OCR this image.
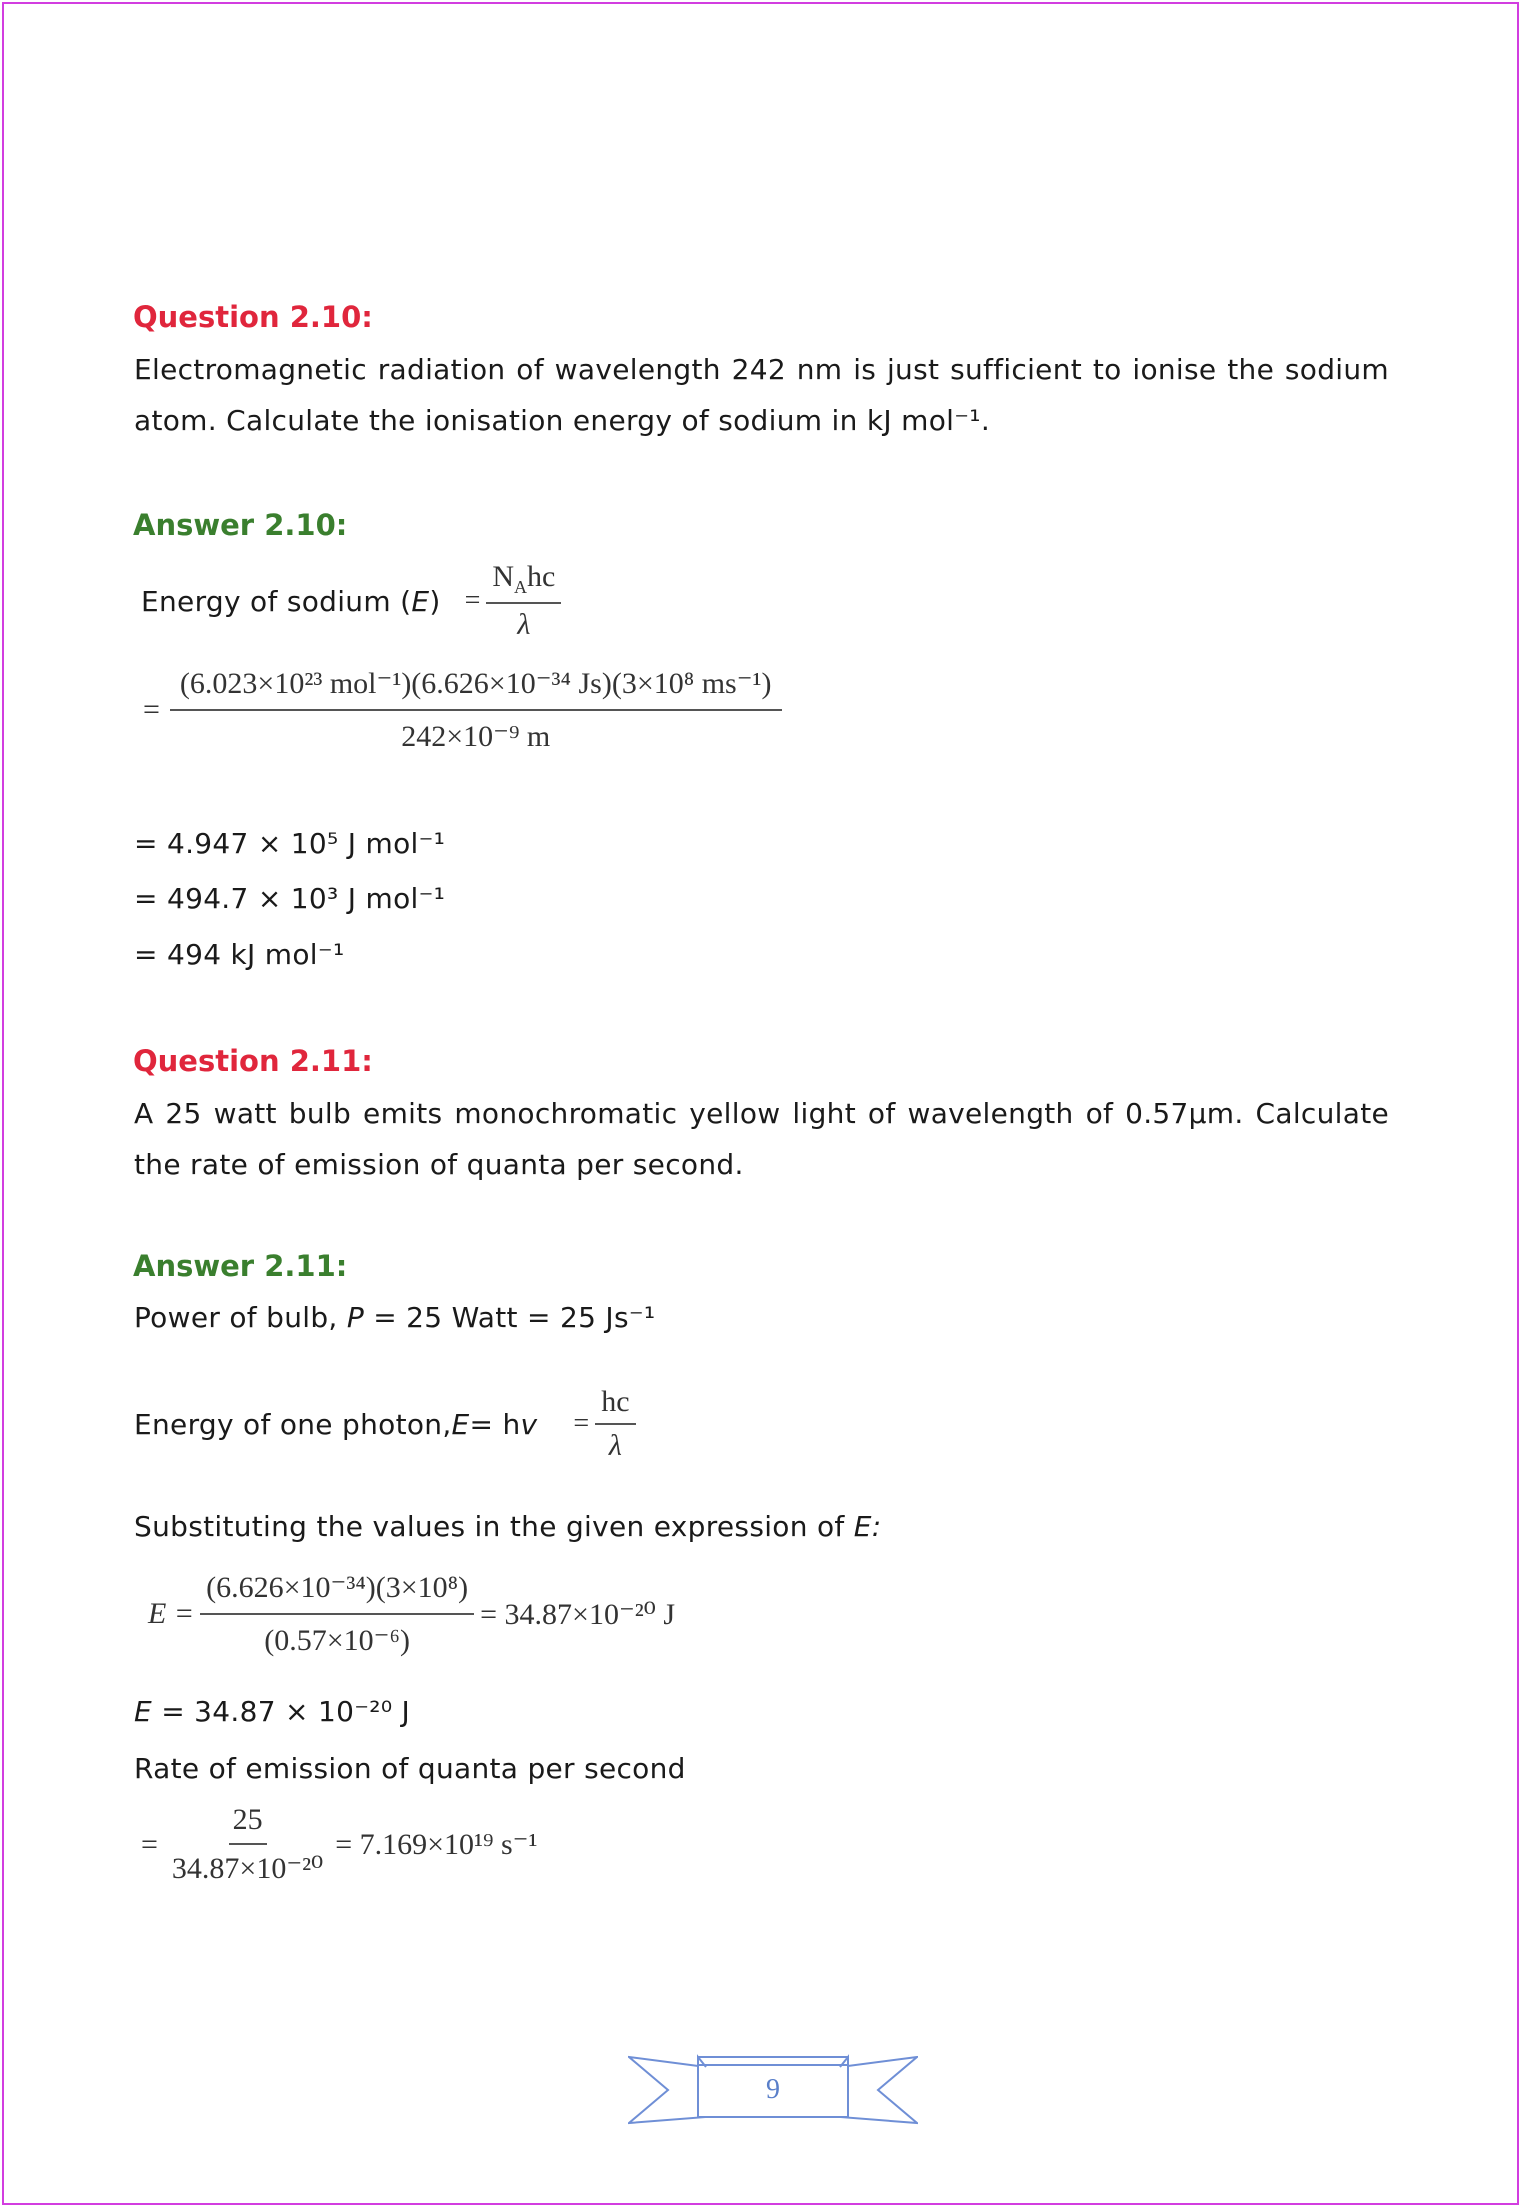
Question 2.10:
Electromagnetic radiation of wavelength 242 nm is just sufficient to ionise the sodium atom. Calculate the ionisation energy of sodium in kJ mol⁻¹.
Answer 2.10:
Energy of sodium ( E ) = $\frac{N_Ahc}{\lambda}$
= $\frac{\text{(6.023×10²³ mol⁻¹)(6.626×10⁻³⁴ Js)(3×10⁸ ms⁻¹)}}{\text{242×10⁻⁹ m}}$
= 4.947 × 10⁵ J mol⁻¹
= 494.7 × 10³ J mol⁻¹
= 494 kJ mol⁻¹
Question 2.11:
A 25 watt bulb emits monochromatic yellow light of wavelength of 0.57μm. Calculate the rate of emission of quanta per second.
Answer 2.11:
Power of bulb, P = 25 Watt = 25 Js⁻¹
Energy of one photon, E = h $v = \frac{hc}{\lambda}$
Substituting the values in the given expression of E:
$E = \frac{\text{(6.626×10⁻³⁴)(3×10⁸)}}{\text{(0.57×10⁻⁶)}} = 34.87\times 10^{-20}$ J
E = 34.87 × 10⁻²⁰ J
Rate of emission of quanta per second
= $\frac{25}{\text{34.87×10⁻²⁰}} = 7.169\times 10^{19}$ s⁻¹
9
